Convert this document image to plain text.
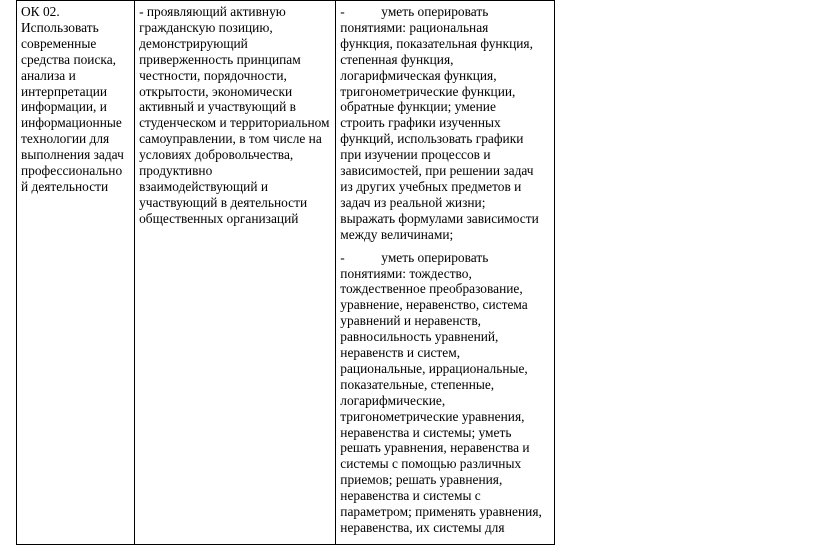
ОК 02.
Использовать
современные
средства поиска,
анализа и
интерпретации
информации, и
информационные
технологии для
выполнения задач
профессионально
й деятельности

- проявляющий активную
гражданскую позицию,
демонстрирующий
приверженность принципам
честности, порядочности,
открытости, экономически
активный и участвующий в
студенческом и территориальном
самоуправлении, в том числе на
условиях добровольчества,
продуктивно
взаимодействующий и
участвующий в деятельности
общественных организаций

-	уметь оперировать
понятиями: рациональная
функция, показательная функция,
степенная функция,
логарифмическая функция,
тригонометрические функции,
обратные функции; умение
строить графики изученных
функций, использовать графики
при изучении процессов и
зависимостей, при решении задач
из других учебных предметов и
задач из реальной жизни;
выражать формулами зависимости
между величинами;
-	уметь оперировать
понятиями: тождество,
тождественное преобразование,
уравнение, неравенство, система
уравнений и неравенств,
равносильность уравнений,
неравенств и систем,
рациональные, иррациональные,
показательные, степенные,
логарифмические,
тригонометрические уравнения,
неравенства и системы; уметь
решать уравнения, неравенства и
системы с помощью различных
приемов; решать уравнения,
неравенства и системы с
параметром; применять уравнения,
неравенства, их системы для
